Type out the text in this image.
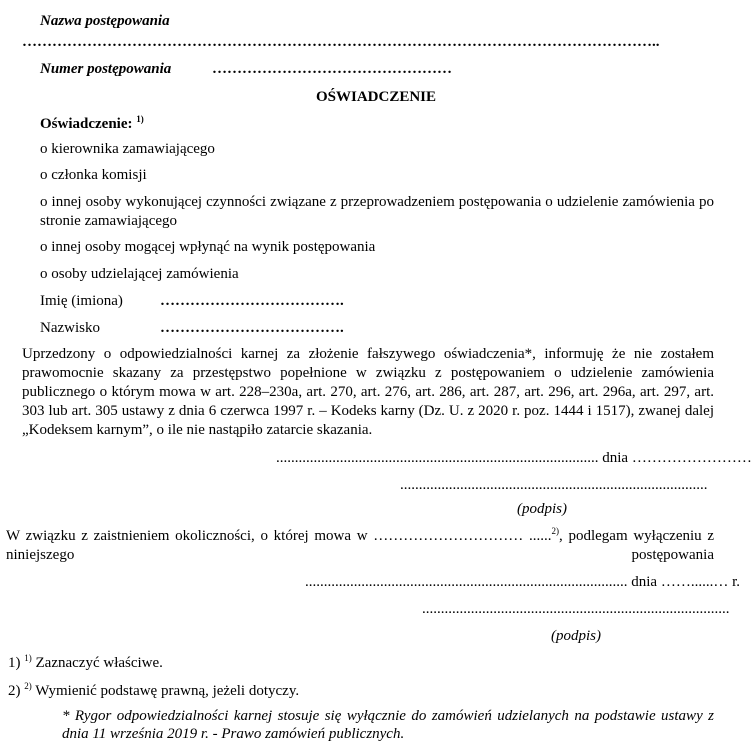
Nazwa postępowania
………………………………………………………………………………………………………………..
Numer postępowania	…………………………………………
OŚWIADCZENIE
Oświadczenie: $^{1)}$
o kierownika zamawiającego
o członka komisji
o innej osoby wykonującej czynności związane z przeprowadzeniem postępowania o udzielenie zamówienia po stronie zamawiającego
o innej osoby mogącej wpłynąć na wynik postępowania
o osoby udzielającej zamówienia
Imię (imiona) ……………………………….
Nazwisko	……………………………….
Uprzedzony o odpowiedzialności karnej za złożenie fałszywego oświadczenia*, informuję że nie zostałem prawomocnie skazany za przestępstwo popełnione w związku z postępowaniem o udzielenie zamówienia publicznego o którym mowa w art. 228–230a, art. 270, art. 276, art. 286, art. 287, art. 296, art. 296a, art. 297, art. 303 lub art. 305 ustawy z dnia 6 czerwca 1997 r. – Kodeks karny (Dz. U. z 2020 r. poz. 1444 i 1517), zwanej dalej „Kodeksem karnym”, o ile nie nastąpiło zatarcie skazania.
...................................................................................... dnia ……………………
..................................................................................
(podpis)
W związku z zaistnieniem okoliczności, o której mowa w ………………………… ......$^{2)}$, podlegam wyłączeniu z niniejszego postępowania
...................................................................................... dnia ……......… r.
..................................................................................
(podpis)
1) $^{1)}$ Zaznaczyć właściwe.
2) $^{2)}$ Wymienić podstawę prawną, jeżeli dotyczy.
* Rygor odpowiedzialności karnej stosuje się wyłącznie do zamówień udzielanych na podstawie ustawy z dnia 11 września 2019 r. - Prawo zamówień publicznych.
